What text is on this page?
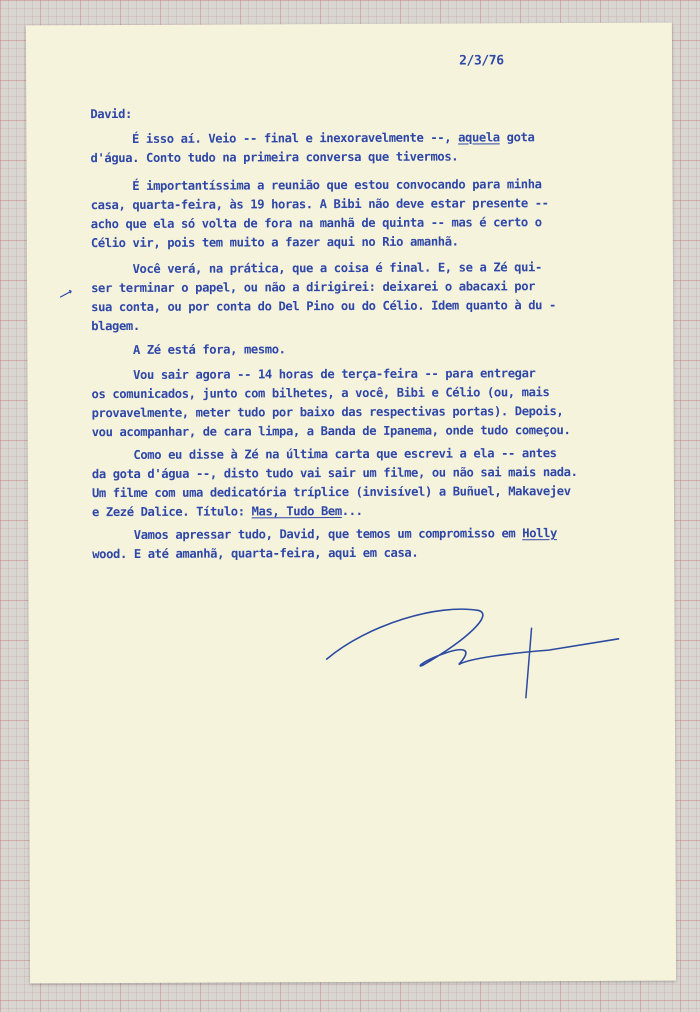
2/3/76
David:

É isso aí. Veio -- final e inexoravelmente --, aquela gota

d'água. Conto tudo na primeira conversa que tivermos.

É importantíssima a reunião que estou convocando para minha

casa, quarta-feira, às 19 horas. A Bibi não deve estar presente --

acho que ela só volta de fora na manhã de quinta -- mas é certo o

Célio vir, pois tem muito a fazer aqui no Rio amanhã.

Você verá, na prática, que a coisa é final. E, se a Zé qui-

ser terminar o papel, ou não a dirigirei: deixarei o abacaxi por

sua conta, ou por conta do Del Pino ou do Célio. Idem quanto à du -

blagem.

A Zé está fora, mesmo.

Vou sair agora -- 14 horas de terça-feira -- para entregar

os comunicados, junto com bilhetes, a você, Bibi e Célio (ou, mais

provavelmente, meter tudo por baixo das respectivas portas). Depois,

vou acompanhar, de cara limpa, a Banda de Ipanema, onde tudo começou.

Como eu disse à Zé na última carta que escrevi a ela -- antes

da gota d'água --, disto tudo vai sair um filme, ou não sai mais nada.

Um filme com uma dedicatória tríplice (invisível) a Buñuel, Makavejev

e Zezé Dalice. Título: Mas, Tudo Bem...

Vamos apressar tudo, David, que temos um compromisso em Holly

wood. E até amanhã, quarta-feira, aqui em casa.
